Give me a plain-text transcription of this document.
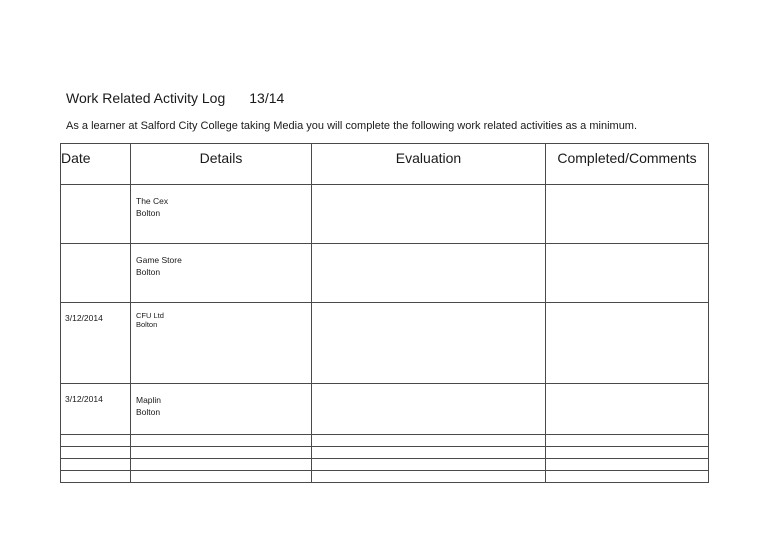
Work Related Activity Log 13/14
As a learner at Salford City College taking Media you will complete the following work related activities as a minimum.
Date	Details	Evaluation	Completed/Comments

	The Cex
Bolton		

	Game Store
Bolton		

3/12/2014	CFU Ltd
Bolton		

3/12/2014	Maplin
Bolton		
